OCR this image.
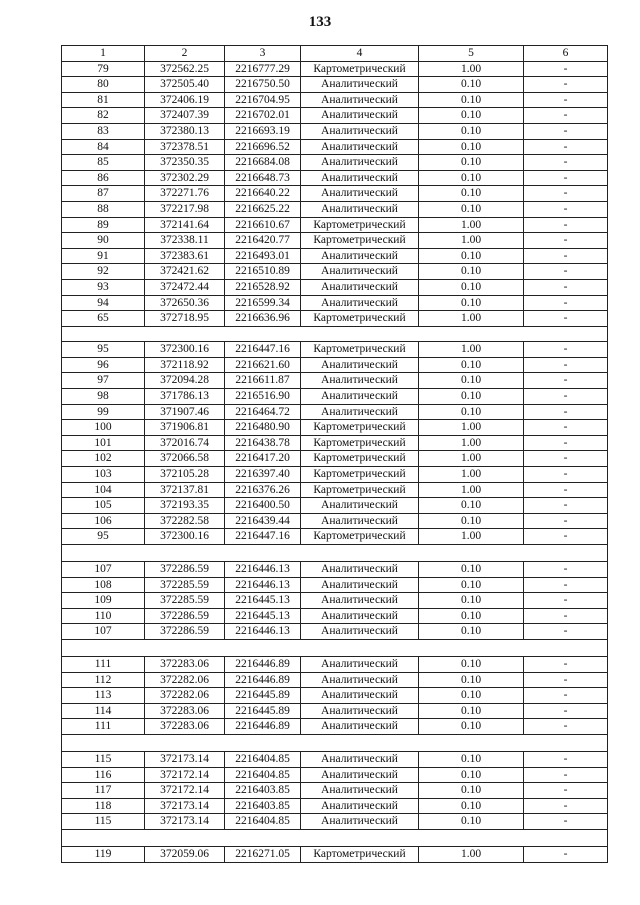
133
1	2	3	4	5	6
79	372562.25	2216777.29	Картометрический	1.00	-
80	372505.40	2216750.50	Аналитический	0.10	-
81	372406.19	2216704.95	Аналитический	0.10	-
82	372407.39	2216702.01	Аналитический	0.10	-
83	372380.13	2216693.19	Аналитический	0.10	-
84	372378.51	2216696.52	Аналитический	0.10	-
85	372350.35	2216684.08	Аналитический	0.10	-
86	372302.29	2216648.73	Аналитический	0.10	-
87	372271.76	2216640.22	Аналитический	0.10	-
88	372217.98	2216625.22	Аналитический	0.10	-
89	372141.64	2216610.67	Картометрический	1.00	-
90	372338.11	2216420.77	Картометрический	1.00	-
91	372383.61	2216493.01	Аналитический	0.10	-
92	372421.62	2216510.89	Аналитический	0.10	-
93	372472.44	2216528.92	Аналитический	0.10	-
94	372650.36	2216599.34	Аналитический	0.10	-
65	372718.95	2216636.96	Картометрический	1.00	-

95	372300.16	2216447.16	Картометрический	1.00	-
96	372118.92	2216621.60	Аналитический	0.10	-
97	372094.28	2216611.87	Аналитический	0.10	-
98	371786.13	2216516.90	Аналитический	0.10	-
99	371907.46	2216464.72	Аналитический	0.10	-
100	371906.81	2216480.90	Картометрический	1.00	-
101	372016.74	2216438.78	Картометрический	1.00	-
102	372066.58	2216417.20	Картометрический	1.00	-
103	372105.28	2216397.40	Картометрический	1.00	-
104	372137.81	2216376.26	Картометрический	1.00	-
105	372193.35	2216400.50	Аналитический	0.10	-
106	372282.58	2216439.44	Аналитический	0.10	-
95	372300.16	2216447.16	Картометрический	1.00	-

107	372286.59	2216446.13	Аналитический	0.10	-
108	372285.59	2216446.13	Аналитический	0.10	-
109	372285.59	2216445.13	Аналитический	0.10	-
110	372286.59	2216445.13	Аналитический	0.10	-
107	372286.59	2216446.13	Аналитический	0.10	-

111	372283.06	2216446.89	Аналитический	0.10	-
112	372282.06	2216446.89	Аналитический	0.10	-
113	372282.06	2216445.89	Аналитический	0.10	-
114	372283.06	2216445.89	Аналитический	0.10	-
111	372283.06	2216446.89	Аналитический	0.10	-

115	372173.14	2216404.85	Аналитический	0.10	-
116	372172.14	2216404.85	Аналитический	0.10	-
117	372172.14	2216403.85	Аналитический	0.10	-
118	372173.14	2216403.85	Аналитический	0.10	-
115	372173.14	2216404.85	Аналитический	0.10	-

119	372059.06	2216271.05	Картометрический	1.00	-
